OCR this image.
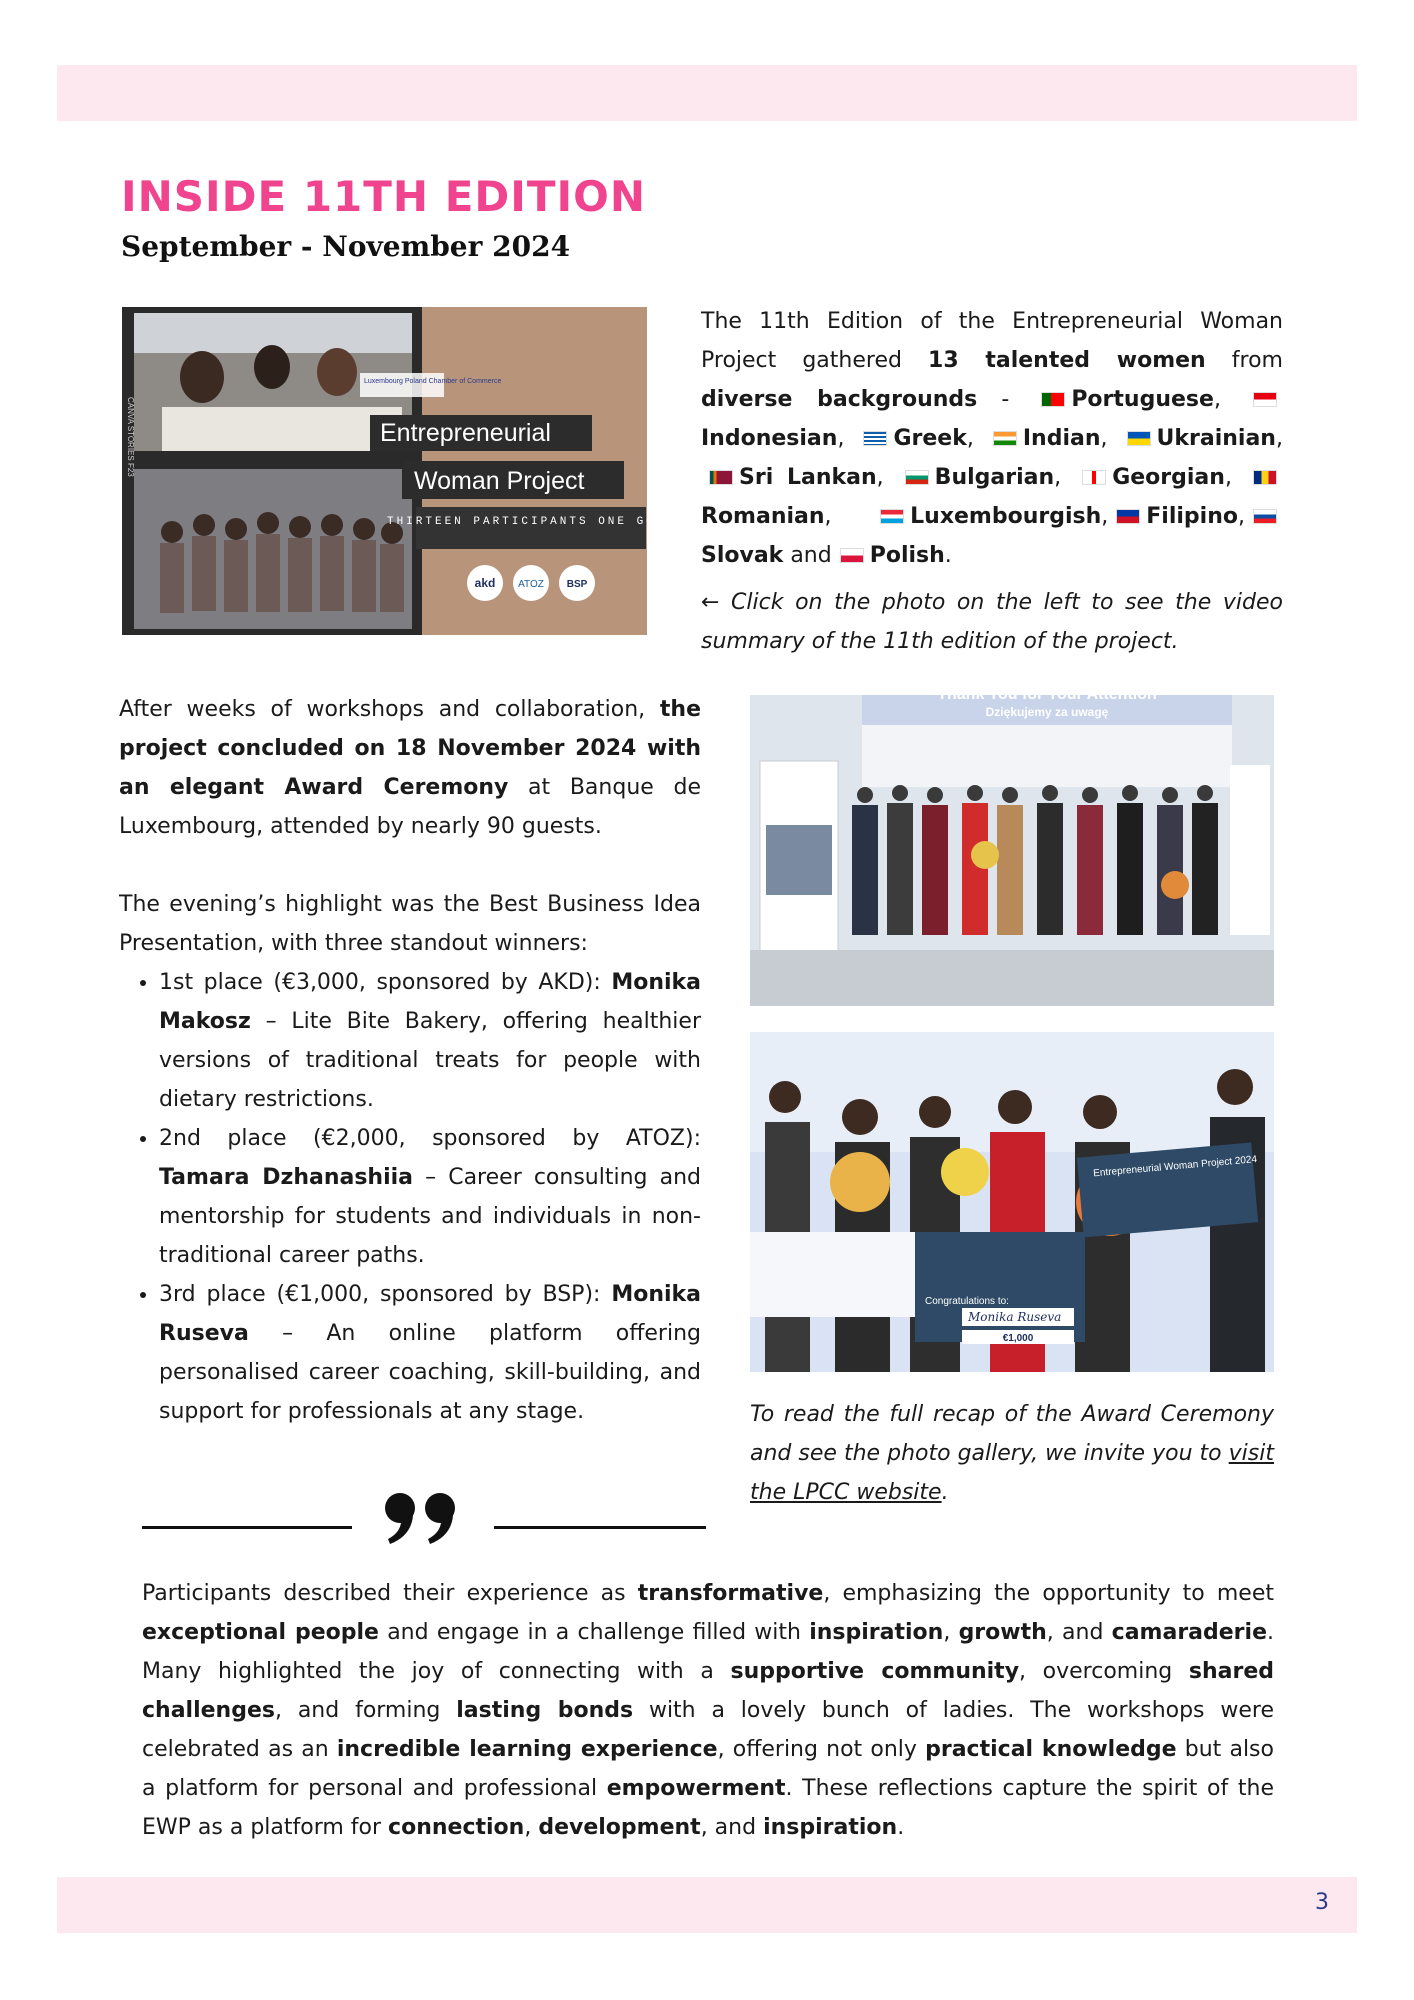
INSIDE 11TH EDITION
September - November 2024
CANVA STORIES F23
Luxembourg Poland Chamber of Commerce
Entrepreneurial
Woman Project
THIRTEEN PARTICIPANTS ONE GOAL
akd ATOZ BSP

The 11th Edition of the Entrepreneurial Woman Project gathered 13 talented women from diverse backgrounds - Portuguese, Indonesian, Greek, Indian, Ukrainian, Sri Lankan, Bulgarian, Georgian, Romanian, Luxembourgish, Filipino,Slovak and Polish.

← Click on the photo on the left to see the video summary of the 11th edition of the project.

After weeks of workshops and collaboration, the project concluded on 18 November 2024 with an elegant Award Ceremony at Banque de Luxembourg, attended by nearly 90 guests.

The evening’s highlight was the Best Business Idea Presentation, with three standout winners:

• 1st place (€3,000, sponsored by AKD): Monika Makosz – Lite Bite Bakery, offering healthier versions of traditional treats for people with dietary restrictions.
• 2nd place (€2,000, sponsored by ATOZ): Tamara Dzhanashiia – Career consulting and mentorship for students and individuals in non-traditional career paths.
• 3rd place (€1,000, sponsored by BSP): Monika Ruseva – An online platform offering personalised career coaching, skill-building, and support for professionals at any stage.
Thank You for Your Attention
Dziękujemy za uwagę
Entrepreneurial Woman Project 2024
Congratulations to:
Monika Ruseva
€1,000

To read the full recap of the Award Ceremony and see the photo gallery, we invite you to visit the LPCC website.

Participants described their experience as transformative, emphasizing the opportunity to meet exceptional people and engage in a challenge filled with inspiration, growth, and camaraderie. Many highlighted the joy of connecting with a supportive community, overcoming shared challenges, and forming lasting bonds with a lovely bunch of ladies. The workshops were celebrated as an incredible learning experience, offering not only practical knowledge but also a platform for personal and professional empowerment. These reflections capture the spirit of the EWP as a platform for connection, development, and inspiration.

3
